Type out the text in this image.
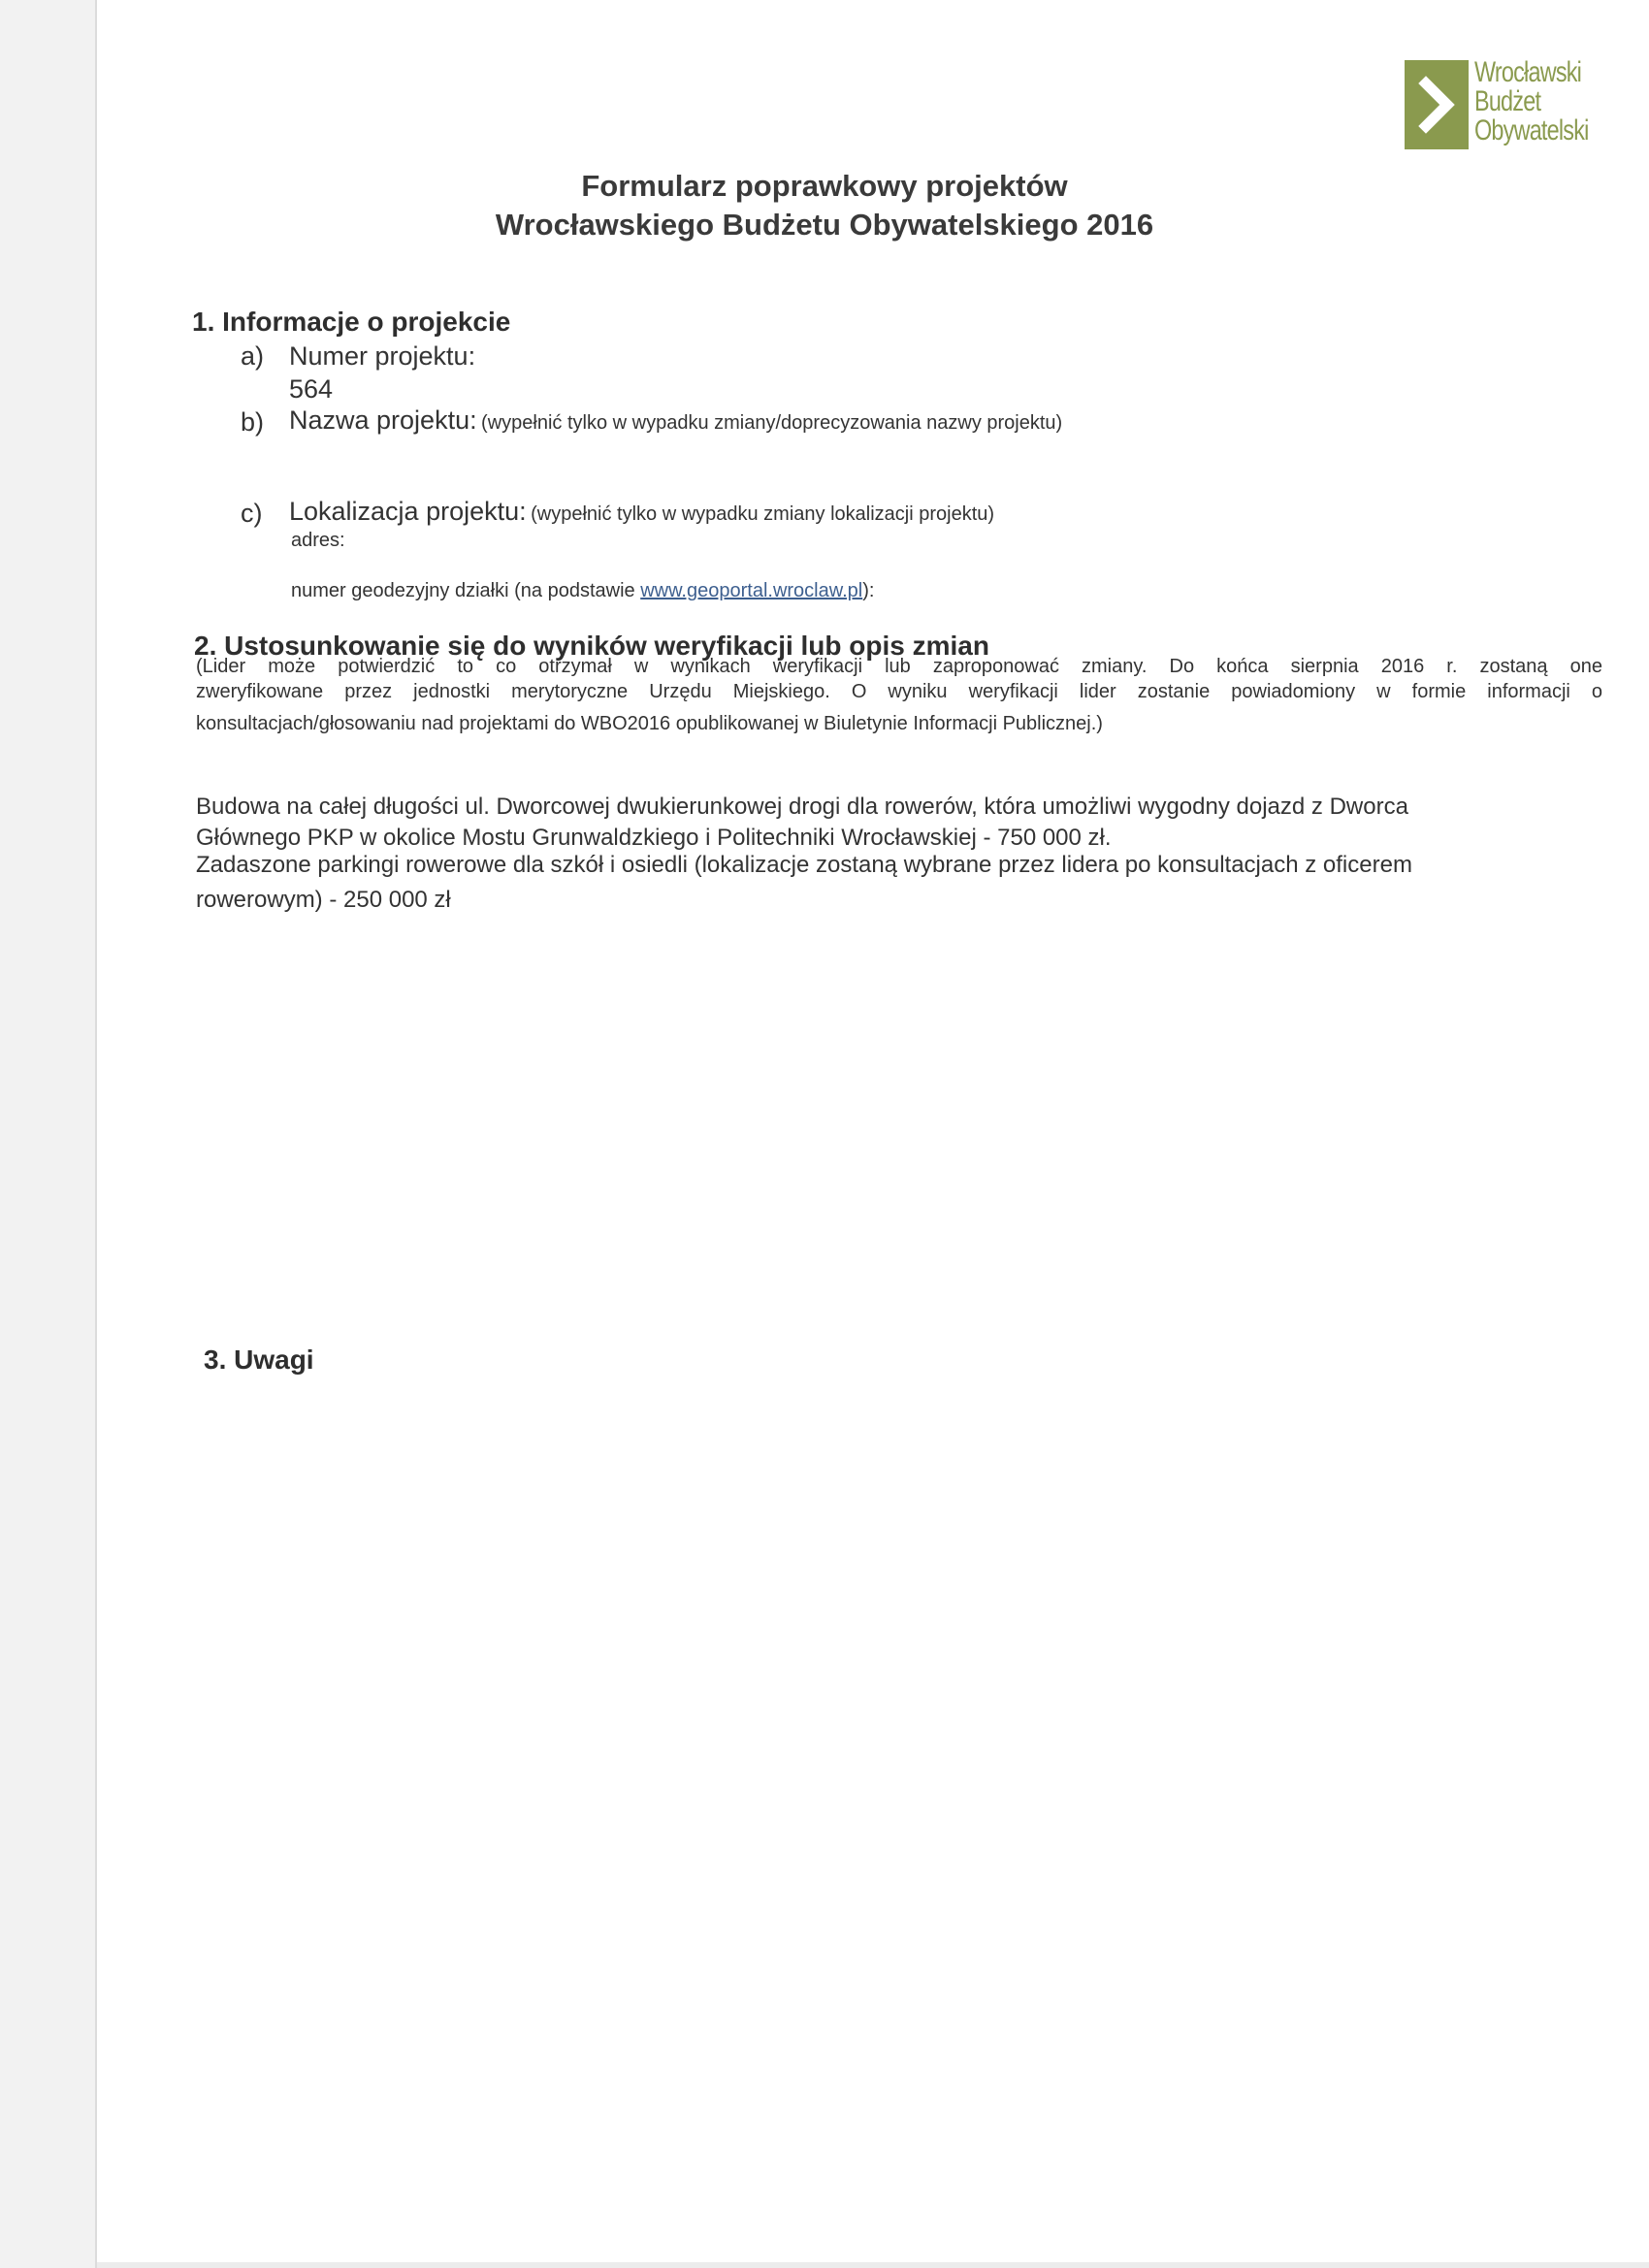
Wrocławski
Budżet
Obywatelski
Formularz poprawkowy projektów
Wrocławskiego Budżetu Obywatelskiego 2016
1. Informacje o projekcie
a) Numer projektu:
564
b) Nazwa projektu: (wypełnić tylko w wypadku zmiany/doprecyzowania nazwy projektu)
c) Lokalizacja projektu: (wypełnić tylko w wypadku zmiany lokalizacji projektu)
adres:
numer geodezyjny działki (na podstawie www.geoportal.wroclaw.pl):
2. Ustosunkowanie się do wyników weryfikacji lub opis zmian
(Lider może potwierdzić to co otrzymał w wynikach weryfikacji lub zaproponować zmiany. Do końca sierpnia 2016 r. zostaną one
zweryfikowane przez jednostki merytoryczne Urzędu Miejskiego. O wyniku weryfikacji lider zostanie powiadomiony w formie informacji o
konsultacjach/głosowaniu nad projektami do WBO2016 opublikowanej w Biuletynie Informacji Publicznej.)
Budowa na całej długości ul. Dworcowej dwukierunkowej drogi dla rowerów, która umożliwi wygodny dojazd z Dworca
Głównego PKP w okolice Mostu Grunwaldzkiego i Politechniki Wrocławskiej - 750 000 zł.
Zadaszone parkingi rowerowe dla szkół i osiedli (lokalizacje zostaną wybrane przez lidera po konsultacjach z oficerem
rowerowym) - 250 000 zł
3. Uwagi
